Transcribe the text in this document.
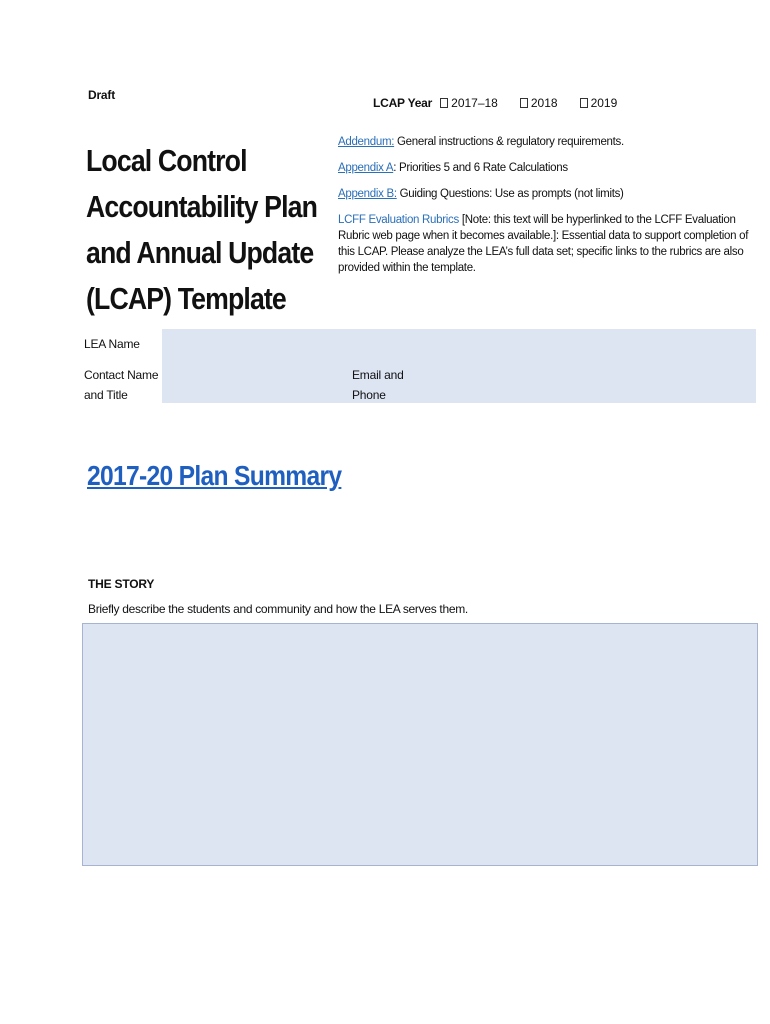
Draft
LCAP Year 2017–18	2018	2019
Local Control
Accountability Plan
and Annual Update
(LCAP) Template
Addendum: General instructions & regulatory requirements.
Appendix A: Priorities 5 and 6 Rate Calculations
Appendix B: Guiding Questions: Use as prompts (not limits)
LCFF Evaluation Rubrics [Note: this text will be hyperlinked to the LCFF Evaluation Rubric web page when it becomes available.]: Essential data to support completion of this LCAP. Please analyze the LEA’s full data set; specific links to the rubrics are also provided within the template.
LEA Name
Contact Name and Title
Email and Phone
2017-20 Plan Summary
THE STORY
Briefly describe the students and community and how the LEA serves them.
